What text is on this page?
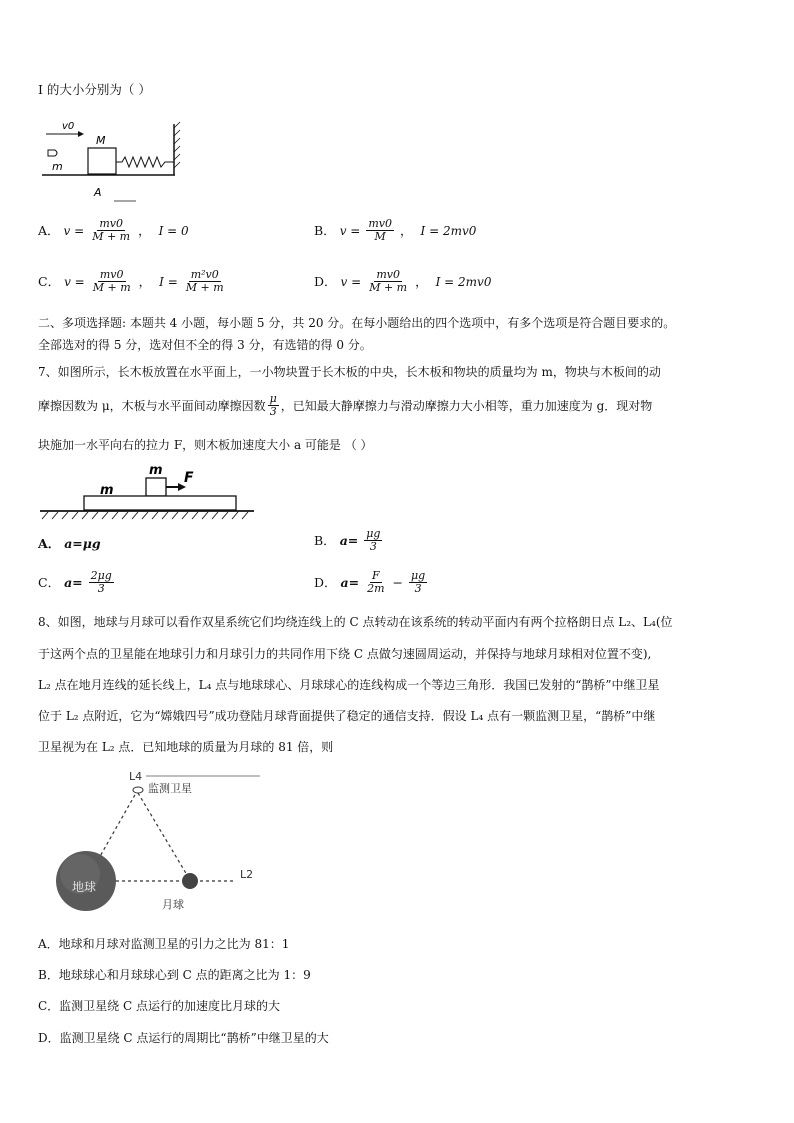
I 的大小分别为（ ）
v0
m
M
A
A． $v = \frac{mv0}{M + m}$ ， I = 0	B． $v = \frac{mv0}{M}$ ， I = 2mv0
C． $v = \frac{mv0}{M + m}$ ， $I = \frac{\text{m²v0}}{M + m}$	D． $v = \frac{mv0}{M + m}$ ， I = 2mv0
二、多项选择题: 本题共 4 小题，每小题 5 分，共 20 分。在每小题给出的四个选项中，有多个选项是符合题目要求的。
全部选对的得 5 分，选对但不全的得 3 分，有选错的得 0 分。
7、如图所示，长木板放置在水平面上，一小物块置于长木板的中央，长木板和物块的质量均为 m，物块与木板间的动
摩擦因数为 μ，木板与水平面间动摩擦因数 $\frac{\mu}{3}$ ，已知最大静摩擦力与滑动摩擦力大小相等，重力加速度为 g．现对物
块施加一水平向右的拉力 F，则木板加速度大小 a 可能是 （ ）
m F
m
A． a=μg	B． $a= \frac{\mu g}{3}$
C． $a= \frac{2\mu g}{3}$	D． $a= \frac{F}{2m} - \frac{\mu g}{3}$
8、如图，地球与月球可以看作双星系统它们均绕连线上的 C 点转动在该系统的转动平面内有两个拉格朗日点 L₂、L₄(位
于这两个点的卫星能在地球引力和月球引力的共同作用下绕 C 点做匀速圆周运动，并保持与地球月球相对位置不变),
L₂ 点在地月连线的延长线上，L₄ 点与地球球心、月球球心的连线构成一个等边三角形．我国已发射的“鹊桥”中继卫星
位于 L₂ 点附近，它为“嫦娥四号”成功登陆月球背面提供了稳定的通信支持．假设 L₄ 点有一颗监测卫星，“鹊桥”中继
卫星视为在 L₂ 点．已知地球的质量为月球的 81 倍，则
地球
月球
L4
监测卫星
L2
A．地球和月球对监测卫星的引力之比为 81：1
B．地球球心和月球球心到 C 点的距离之比为 1：9
C．监测卫星绕 C 点运行的加速度比月球的大
D．监测卫星绕 C 点运行的周期比“鹊桥”中继卫星的大
